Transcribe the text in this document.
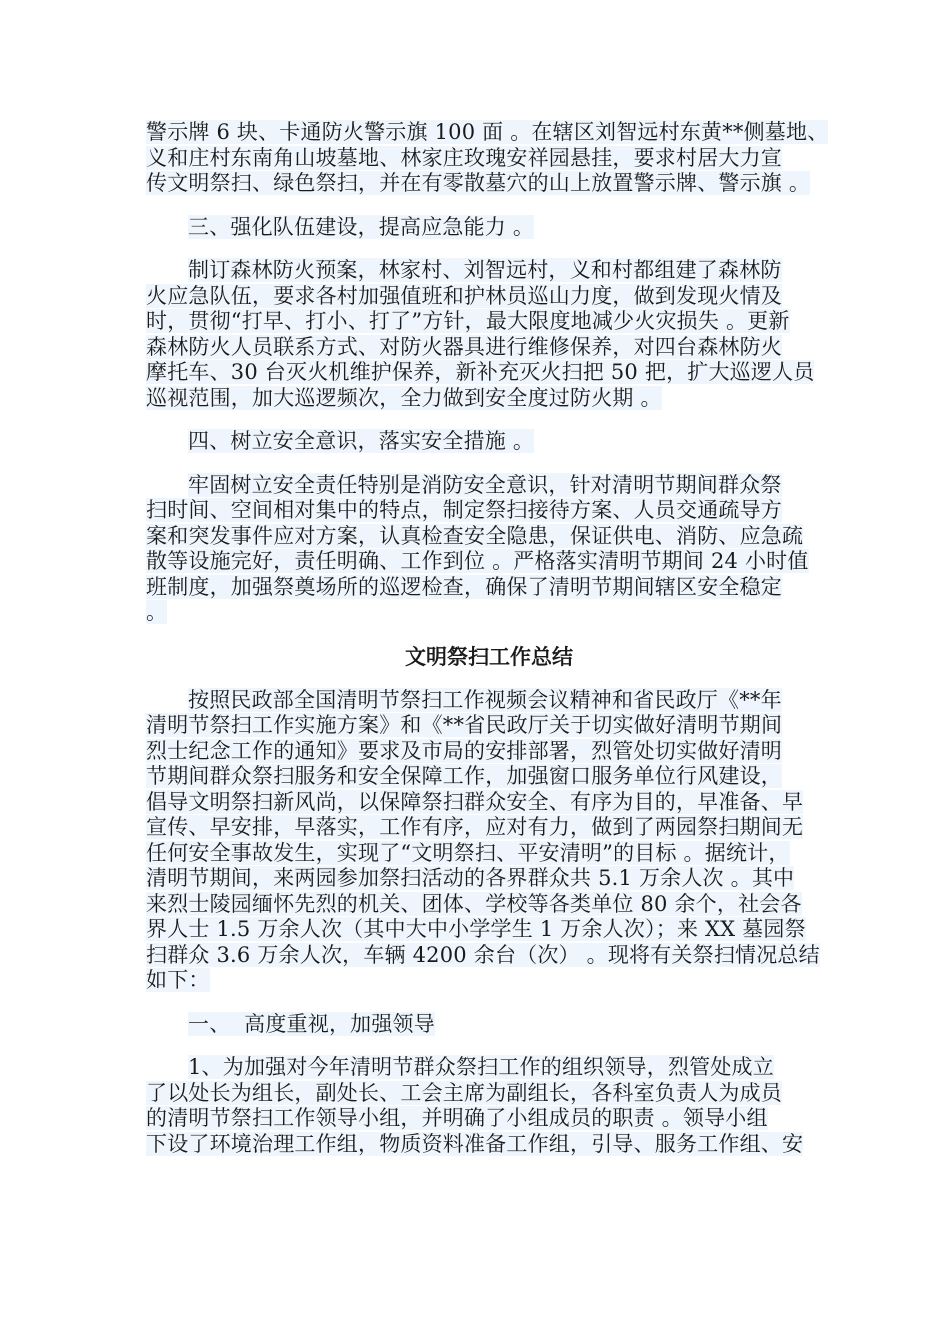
警示牌 6 块、卡通防火警示旗 100 面 。在辖区刘智远村东黄**侧墓地、
义和庄村东南角山坡墓地、林家庄玫瑰安祥园悬挂，要求村居大力宣
传文明祭扫、绿色祭扫，并在有零散墓穴的山上放置警示牌、警示旗 。
三、强化队伍建设，提高应急能力 。
制订森林防火预案，林家村、刘智远村，义和村都组建了森林防
火应急队伍，要求各村加强值班和护林员巡山力度，做到发现火情及
时，贯彻“打早、打小、打了”方针，最大限度地减少火灾损失 。更新
森林防火人员联系方式、对防火器具进行维修保养，对四台森林防火
摩托车、30 台灭火机维护保养，新补充灭火扫把 50 把，扩大巡逻人员
巡视范围，加大巡逻频次，全力做到安全度过防火期 。
四、树立安全意识，落实安全措施 。
牢固树立安全责任特别是消防安全意识，针对清明节期间群众祭
扫时间、空间相对集中的特点，制定祭扫接待方案、人员交通疏导方
案和突发事件应对方案，认真检查安全隐患，保证供电、消防、应急疏
散等设施完好，责任明确、工作到位 。严格落实清明节期间 24 小时值
班制度，加强祭奠场所的巡逻检查，确保了清明节期间辖区安全稳定
。
文明祭扫工作总结
按照民政部全国清明节祭扫工作视频会议精神和省民政厅《**年
清明节祭扫工作实施方案》和《**省民政厅关于切实做好清明节期间
烈士纪念工作的通知》要求及市局的安排部署，烈管处切实做好清明
节期间群众祭扫服务和安全保障工作，加强窗口服务单位行风建设，
倡导文明祭扫新风尚，以保障祭扫群众安全、有序为目的，早准备、早
宣传、早安排，早落实，工作有序，应对有力，做到了两园祭扫期间无
任何安全事故发生，实现了“文明祭扫、平安清明”的目标 。据统计，
清明节期间，来两园参加祭扫活动的各界群众共 5.1 万余人次 。其中
来烈士陵园缅怀先烈的机关、团体、学校等各类单位 80 余个，社会各
界人士 1.5 万余人次（其中大中小学学生 1 万余人次）；来 XX 墓园祭
扫群众 3.6 万余人次，车辆 4200 余台（次） 。现将有关祭扫情况总结
如下：
一、  高度重视，加强领导
1、为加强对今年清明节群众祭扫工作的组织领导，烈管处成立
了以处长为组长，副处长、工会主席为副组长，各科室负责人为成员
的清明节祭扫工作领导小组，并明确了小组成员的职责 。领导小组
下设了环境治理工作组，物质资料准备工作组，引导、服务工作组、安
